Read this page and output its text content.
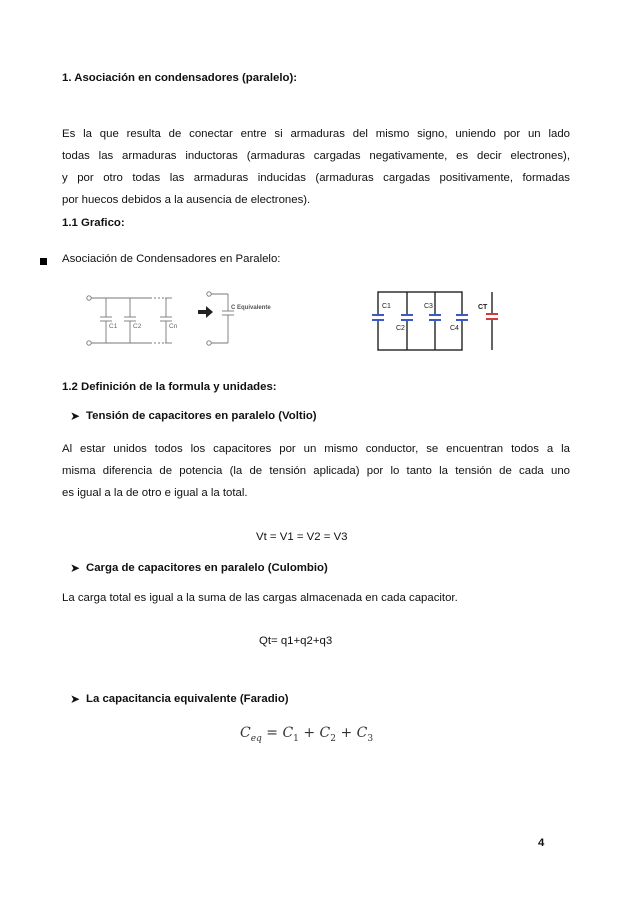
1. Asociación en condensadores (paralelo):
Es la que resulta de conectar entre si armaduras del mismo signo, uniendo por un lado
todas las armaduras inductoras (armaduras cargadas negativamente, es decir electrones),
y por otro todas las armaduras inducidas (armaduras cargadas positivamente, formadas
por huecos debidos a la ausencia de electrones).
1.1 Grafico:
Asociación de Condensadores en Paralelo:
C1 C2	Cn
C Equivalente	C1
C2
C3
C4
CT
1.2 Definición de la formula y unidades:
➤ Tensión de capacitores en paralelo (Voltio)
Al estar unidos todos los capacitores por un mismo conductor, se encuentran todos a la
misma diferencia de potencia (la de tensión aplicada) por lo tanto la tensión de cada uno
es igual a la de otro e igual a la total.
Vt = V1 = V2 = V3
➤ Carga de capacitores en paralelo (Culombio)
La carga total es igual a la suma de las cargas almacenada en cada capacitor.
Qt= q1+q2+q3
➤ La capacitancia equivalente (Faradio)
$C_{eq} = C_1 + C_2 + C_3$
4
